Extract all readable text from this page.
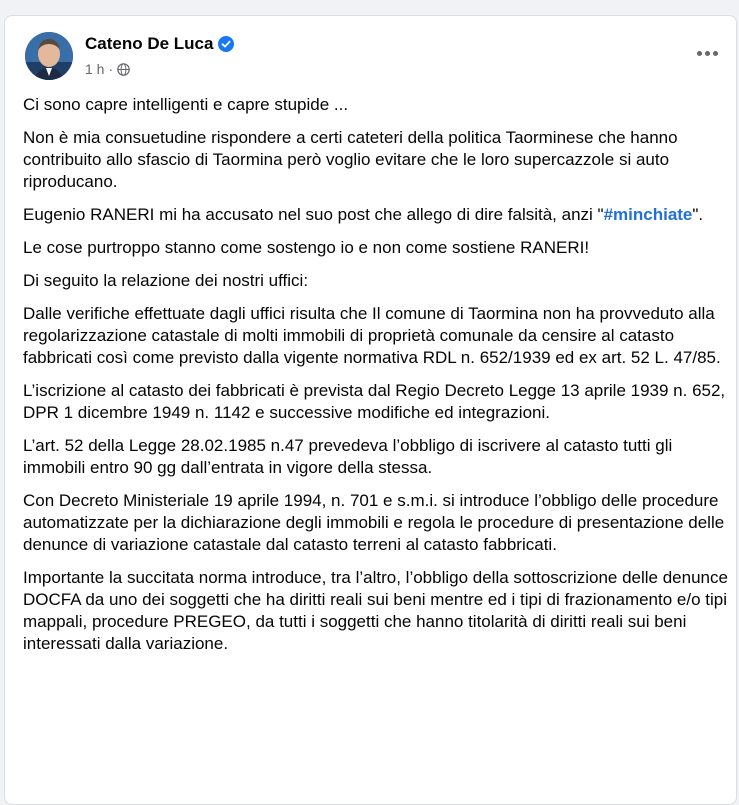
Cateno De Luca
1 h ·

Ci sono capre intelligenti e capre stupide ...

Non è mia consuetudine rispondere a certi cateteri della politica Taorminese che hanno contribuito allo sfascio di Taormina però voglio evitare che le loro supercazzole si auto riproducano.

Eugenio RANERI mi ha accusato nel suo post che allego di dire falsità, anzi "#minchiate".

Le cose purtroppo stanno come sostengo io e non come sostiene RANERI!

Di seguito la relazione dei nostri uffici:

Dalle verifiche effettuate dagli uffici risulta che Il comune di Taormina non ha provveduto alla regolarizzazione catastale di molti immobili di proprietà comunale da censire al catasto fabbricati così come previsto dalla vigente normativa RDL n. 652/1939 ed ex art. 52 L. 47/85.

L’iscrizione al catasto dei fabbricati è prevista dal Regio Decreto Legge 13 aprile 1939 n. 652, DPR 1 dicembre 1949 n. 1142 e successive modifiche ed integrazioni.

L’art. 52 della Legge 28.02.1985 n.47 prevedeva l’obbligo di iscrivere al catasto tutti gli immobili entro 90 gg dall’entrata in vigore della stessa.

Con Decreto Ministeriale 19 aprile 1994, n. 701 e s.m.i. si introduce l’obbligo delle procedure automatizzate per la dichiarazione degli immobili e regola le procedure di presentazione delle denunce di variazione catastale dal catasto terreni al catasto fabbricati.

Importante la succitata norma introduce, tra l’altro, l’obbligo della sottoscrizione delle denunce DOCFA da uno dei soggetti che ha diritti reali sui beni mentre ed i tipi di frazionamento e/o tipi mappali, procedure PREGEO, da tutti i soggetti che hanno titolarità di diritti reali sui beni interessati dalla variazione.
